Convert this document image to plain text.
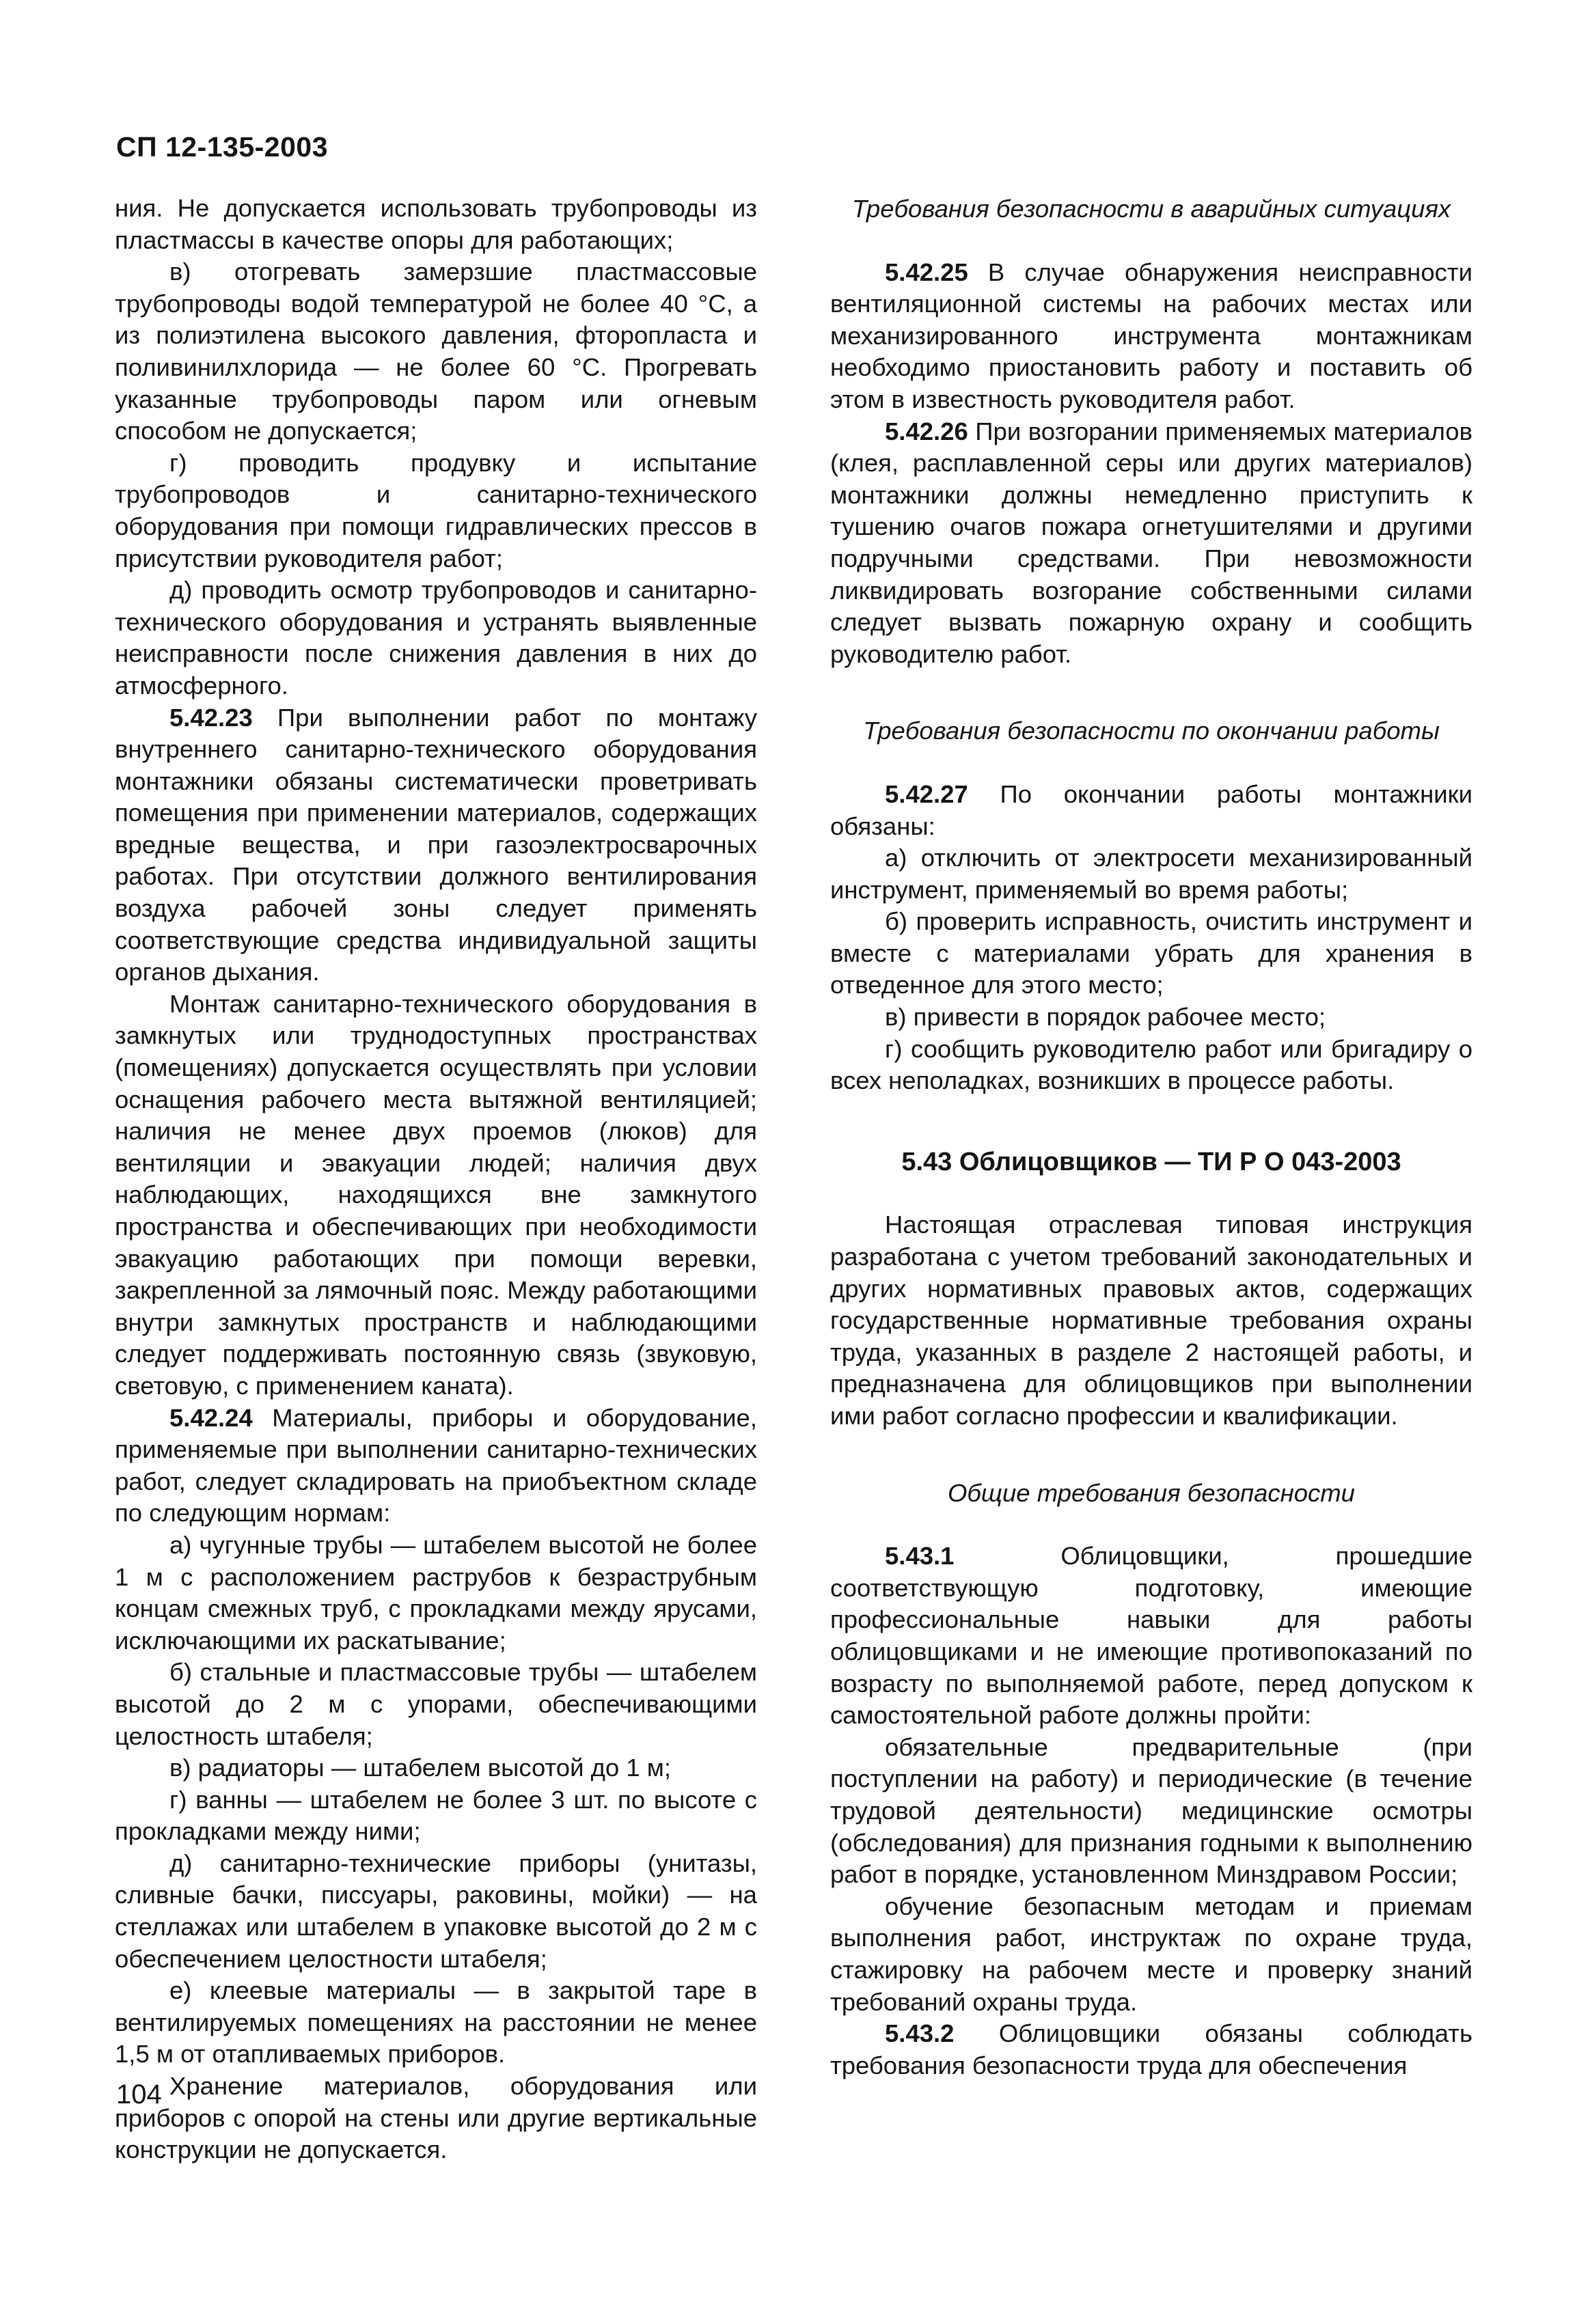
СП 12-135-2003

ния. Не допускается использовать трубопроводы из пластмассы в качестве опоры для работающих;

в) отогревать замерзшие пластмассовые трубопроводы водой температурой не более 40 °С, а из полиэтилена высокого давления, фторопласта и поливинилхлорида — не более 60 °С. Прогревать указанные трубопроводы паром или огневым способом не допускается;

г) проводить продувку и испытание трубопроводов и санитарно-технического оборудования при помощи гидравлических прессов в присутствии руководителя работ;

д) проводить осмотр трубопроводов и санитарно-технического оборудования и устранять выявленные неисправности после снижения давления в них до атмосферного.

5.42.23 При выполнении работ по монтажу внутреннего санитарно-технического оборудования монтажники обязаны систематически проветривать помещения при применении материалов, содержащих вредные вещества, и при газоэлектросварочных работах. При отсутствии должного вентилирования воздуха рабочей зоны следует применять соответствующие средства индивидуальной защиты органов дыхания.

Монтаж санитарно-технического оборудования в замкнутых или труднодоступных пространствах (помещениях) допускается осуществлять при условии оснащения рабочего места вытяжной вентиляцией; наличия не менее двух проемов (люков) для вентиляции и эвакуации людей; наличия двух наблюдающих, находящихся вне замкнутого пространства и обеспечивающих при необходимости эвакуацию работающих при помощи веревки, закрепленной за лямочный пояс. Между работающими внутри замкнутых пространств и наблюдающими следует поддерживать постоянную связь (звуковую, световую, с применением каната).

5.42.24 Материалы, приборы и оборудование, применяемые при выполнении санитарно-технических работ, следует складировать на приобъектном складе по следующим нормам:

а) чугунные трубы — штабелем высотой не более 1 м с расположением раструбов к безраструбным концам смежных труб, с прокладками между ярусами, исключающими их раскатывание;

б) стальные и пластмассовые трубы — штабелем высотой до 2 м с упорами, обеспечивающими целостность штабеля;

в) радиаторы — штабелем высотой до 1 м;

г) ванны — штабелем не более 3 шт. по высоте с прокладками между ними;

д) санитарно-технические приборы (унитазы, сливные бачки, писсуары, раковины, мойки) — на стеллажах или штабелем в упаковке высотой до 2 м с обеспечением целостности штабеля;

е) клеевые материалы — в закрытой таре в вентилируемых помещениях на расстоянии не менее 1,5 м от отапливаемых приборов.

Хранение материалов, оборудования или приборов с опорой на стены или другие вертикальные конструкции не допускается.

Требования безопасности в аварийных ситуациях

5.42.25 В случае обнаружения неисправности вентиляционной системы на рабочих местах или механизированного инструмента монтажникам необходимо приостановить работу и поставить об этом в известность руководителя работ.

5.42.26 При возгорании применяемых материалов (клея, расплавленной серы или других материалов) монтажники должны немедленно приступить к тушению очагов пожара огнетушителями и другими подручными средствами. При невозможности ликвидировать возгорание собственными силами следует вызвать пожарную охрану и сообщить руководителю работ.

Требования безопасности по окончании работы

5.42.27 По окончании работы монтажники обязаны:

а) отключить от электросети механизированный инструмент, применяемый во время работы;

б) проверить исправность, очистить инструмент и вместе с материалами убрать для хранения в отведенное для этого место;

в) привести в порядок рабочее место;

г) сообщить руководителю работ или бригадиру о всех неполадках, возникших в процессе работы.

5.43 Облицовщиков — ТИ Р О 043-2003

Настоящая отраслевая типовая инструкция разработана с учетом требований законодательных и других нормативных правовых актов, содержащих государственные нормативные требования охраны труда, указанных в разделе 2 настоящей работы, и предназначена для облицовщиков при выполнении ими работ согласно профессии и квалификации.

Общие требования безопасности

5.43.1 Облицовщики, прошедшие соответствующую подготовку, имеющие профессиональные навыки для работы облицовщиками и не имеющие противопоказаний по возрасту по выполняемой работе, перед допуском к самостоятельной работе должны пройти:

обязательные предварительные (при поступлении на работу) и периодические (в течение трудовой деятельности) медицинские осмотры (обследования) для признания годными к выполнению работ в порядке, установленном Минздравом России;

обучение безопасным методам и приемам выполнения работ, инструктаж по охране труда, стажировку на рабочем месте и проверку знаний требований охраны труда.

5.43.2 Облицовщики обязаны соблюдать требования безопасности труда для обеспечения

104
